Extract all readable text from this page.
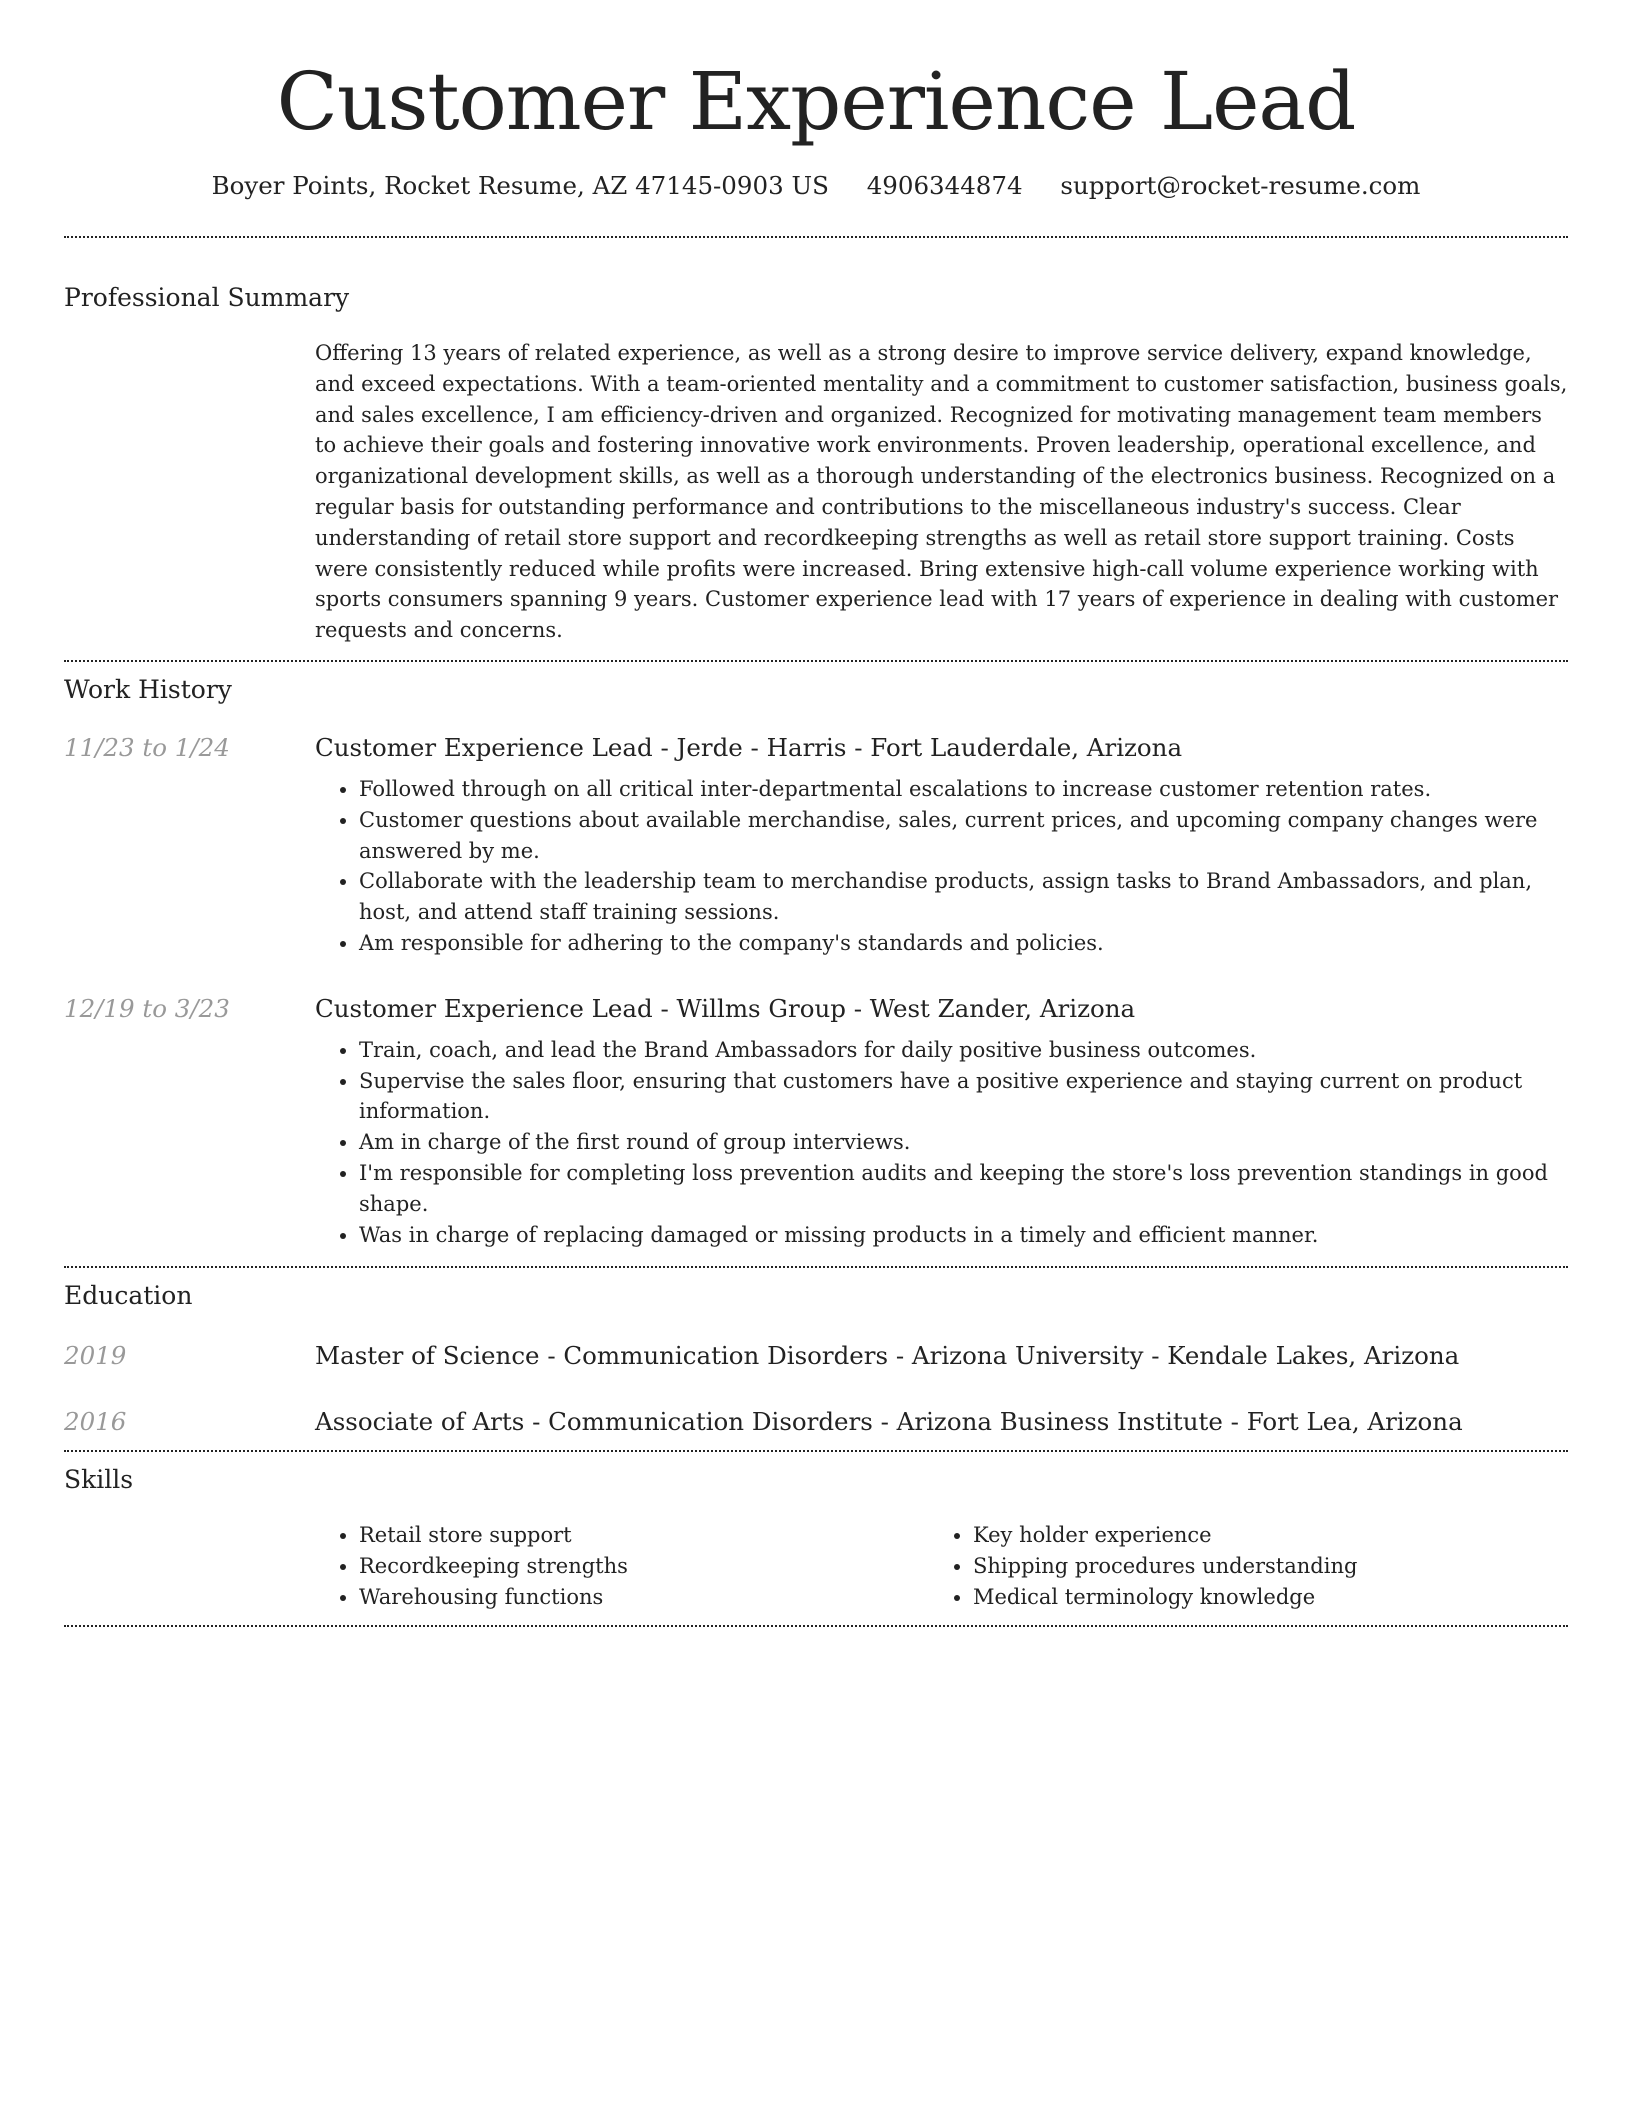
Customer Experience Lead
Boyer Points, Rocket Resume, AZ 47145-0903 US 4906344874 support@rocket-resume.com
Professional Summary
Offering 13 years of related experience, as well as a strong desire to improve service delivery, expand knowledge, and exceed expectations. With a team-oriented mentality and a commitment to customer satisfaction, business goals, and sales excellence, I am efficiency-driven and organized. Recognized for motivating management team members to achieve their goals and fostering innovative work environments. Proven leadership, operational excellence, and organizational development skills, as well as a thorough understanding of the electronics business. Recognized on a regular basis for outstanding performance and contributions to the miscellaneous industry's success. Clear understanding of retail store support and recordkeeping strengths as well as retail store support training. Costs were consistently reduced while profits were increased. Bring extensive high-call volume experience working with sports consumers spanning 9 years. Customer experience lead with 17 years of experience in dealing with customer requests and concerns.
Work History
11/23 to 1/24	Customer Experience Lead - Jerde - Harris - Fort Lauderdale, Arizona
• Followed through on all critical inter-departmental escalations to increase customer retention rates.
• Customer questions about available merchandise, sales, current prices, and upcoming company changes were answered by me.
• Collaborate with the leadership team to merchandise products, assign tasks to Brand Ambassadors, and plan, host, and attend staff training sessions.
• Am responsible for adhering to the company's standards and policies.
12/19 to 3/23	Customer Experience Lead - Willms Group - West Zander, Arizona
• Train, coach, and lead the Brand Ambassadors for daily positive business outcomes.
• Supervise the sales floor, ensuring that customers have a positive experience and staying current on product information.
• Am in charge of the first round of group interviews.
• I'm responsible for completing loss prevention audits and keeping the store's loss prevention standings in good shape.
• Was in charge of replacing damaged or missing products in a timely and efficient manner.
Education
2019	Master of Science - Communication Disorders - Arizona University - Kendale Lakes, Arizona
2016	Associate of Arts - Communication Disorders - Arizona Business Institute - Fort Lea, Arizona
Skills
• Retail store support
• Recordkeeping strengths
• Warehousing functions
• Key holder experience
• Shipping procedures understanding
• Medical terminology knowledge
